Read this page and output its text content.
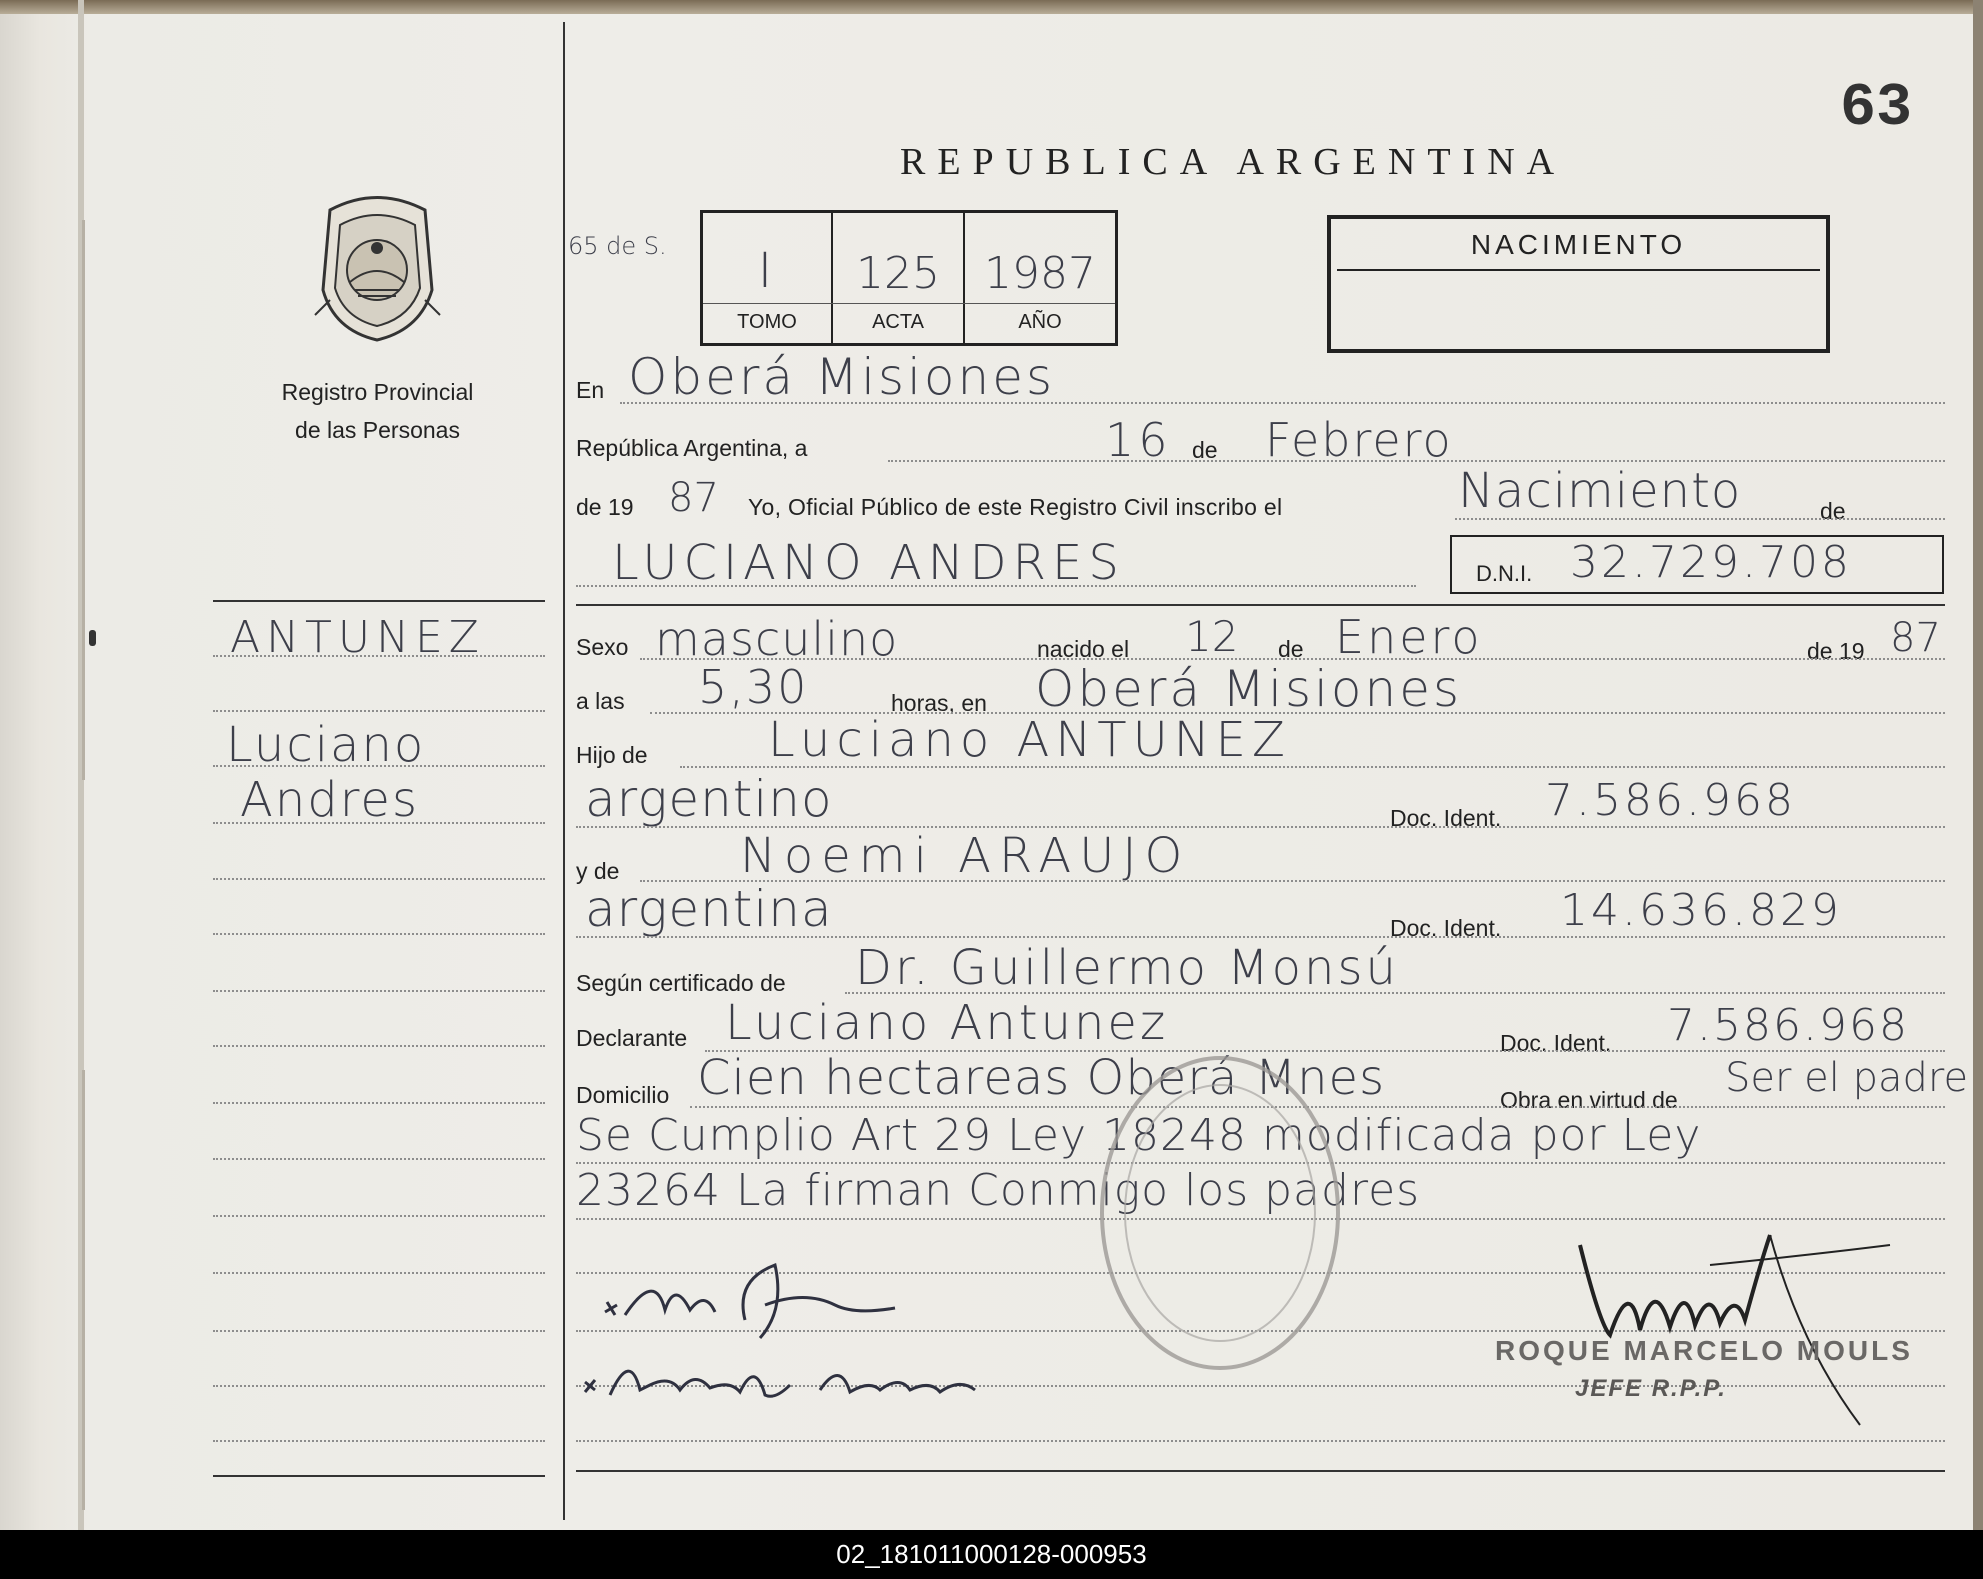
63
REPUBLICA ARGENTINA
Registro Provincial
de las Personas
65 de S.	I	125	1987
TOMO	ACTA	AÑO
NACIMIENTO
ANTUNEZ
Luciano
Andres
En Oberá Misiones
República Argentina, a	16 de Febrero
de 19 87 Yo, Oficial Público de este Registro Civil inscribo el	Nacimiento	de
LUCIANO ANDRES	D.N.I. 32.729.708
Sexo masculino	nacido el 12 de Enero	de 19 87
a las 5,30	horas, en Oberá Misiones
Hijo de	Luciano ANTUNEZ
argentino	Doc. Ident. 7.586.968
y de	Noemi ARAUJO
argentina	Doc. Ident. 14.636.829
Según certificado de Dr. Guillermo Monsú
Declarante Luciano Antunez	Doc. Ident. 7.586.968
Domicilio Cien hectareas Oberá Mnes	Obra en virtud de Ser el padre
Se Cumplio Art 29 Ley 18248 modificada por Ley
23264 La firman Conmigo los padres
ROQUE MARCELO MOULS
JEFE R.P.P.
02_181011000128-000953
